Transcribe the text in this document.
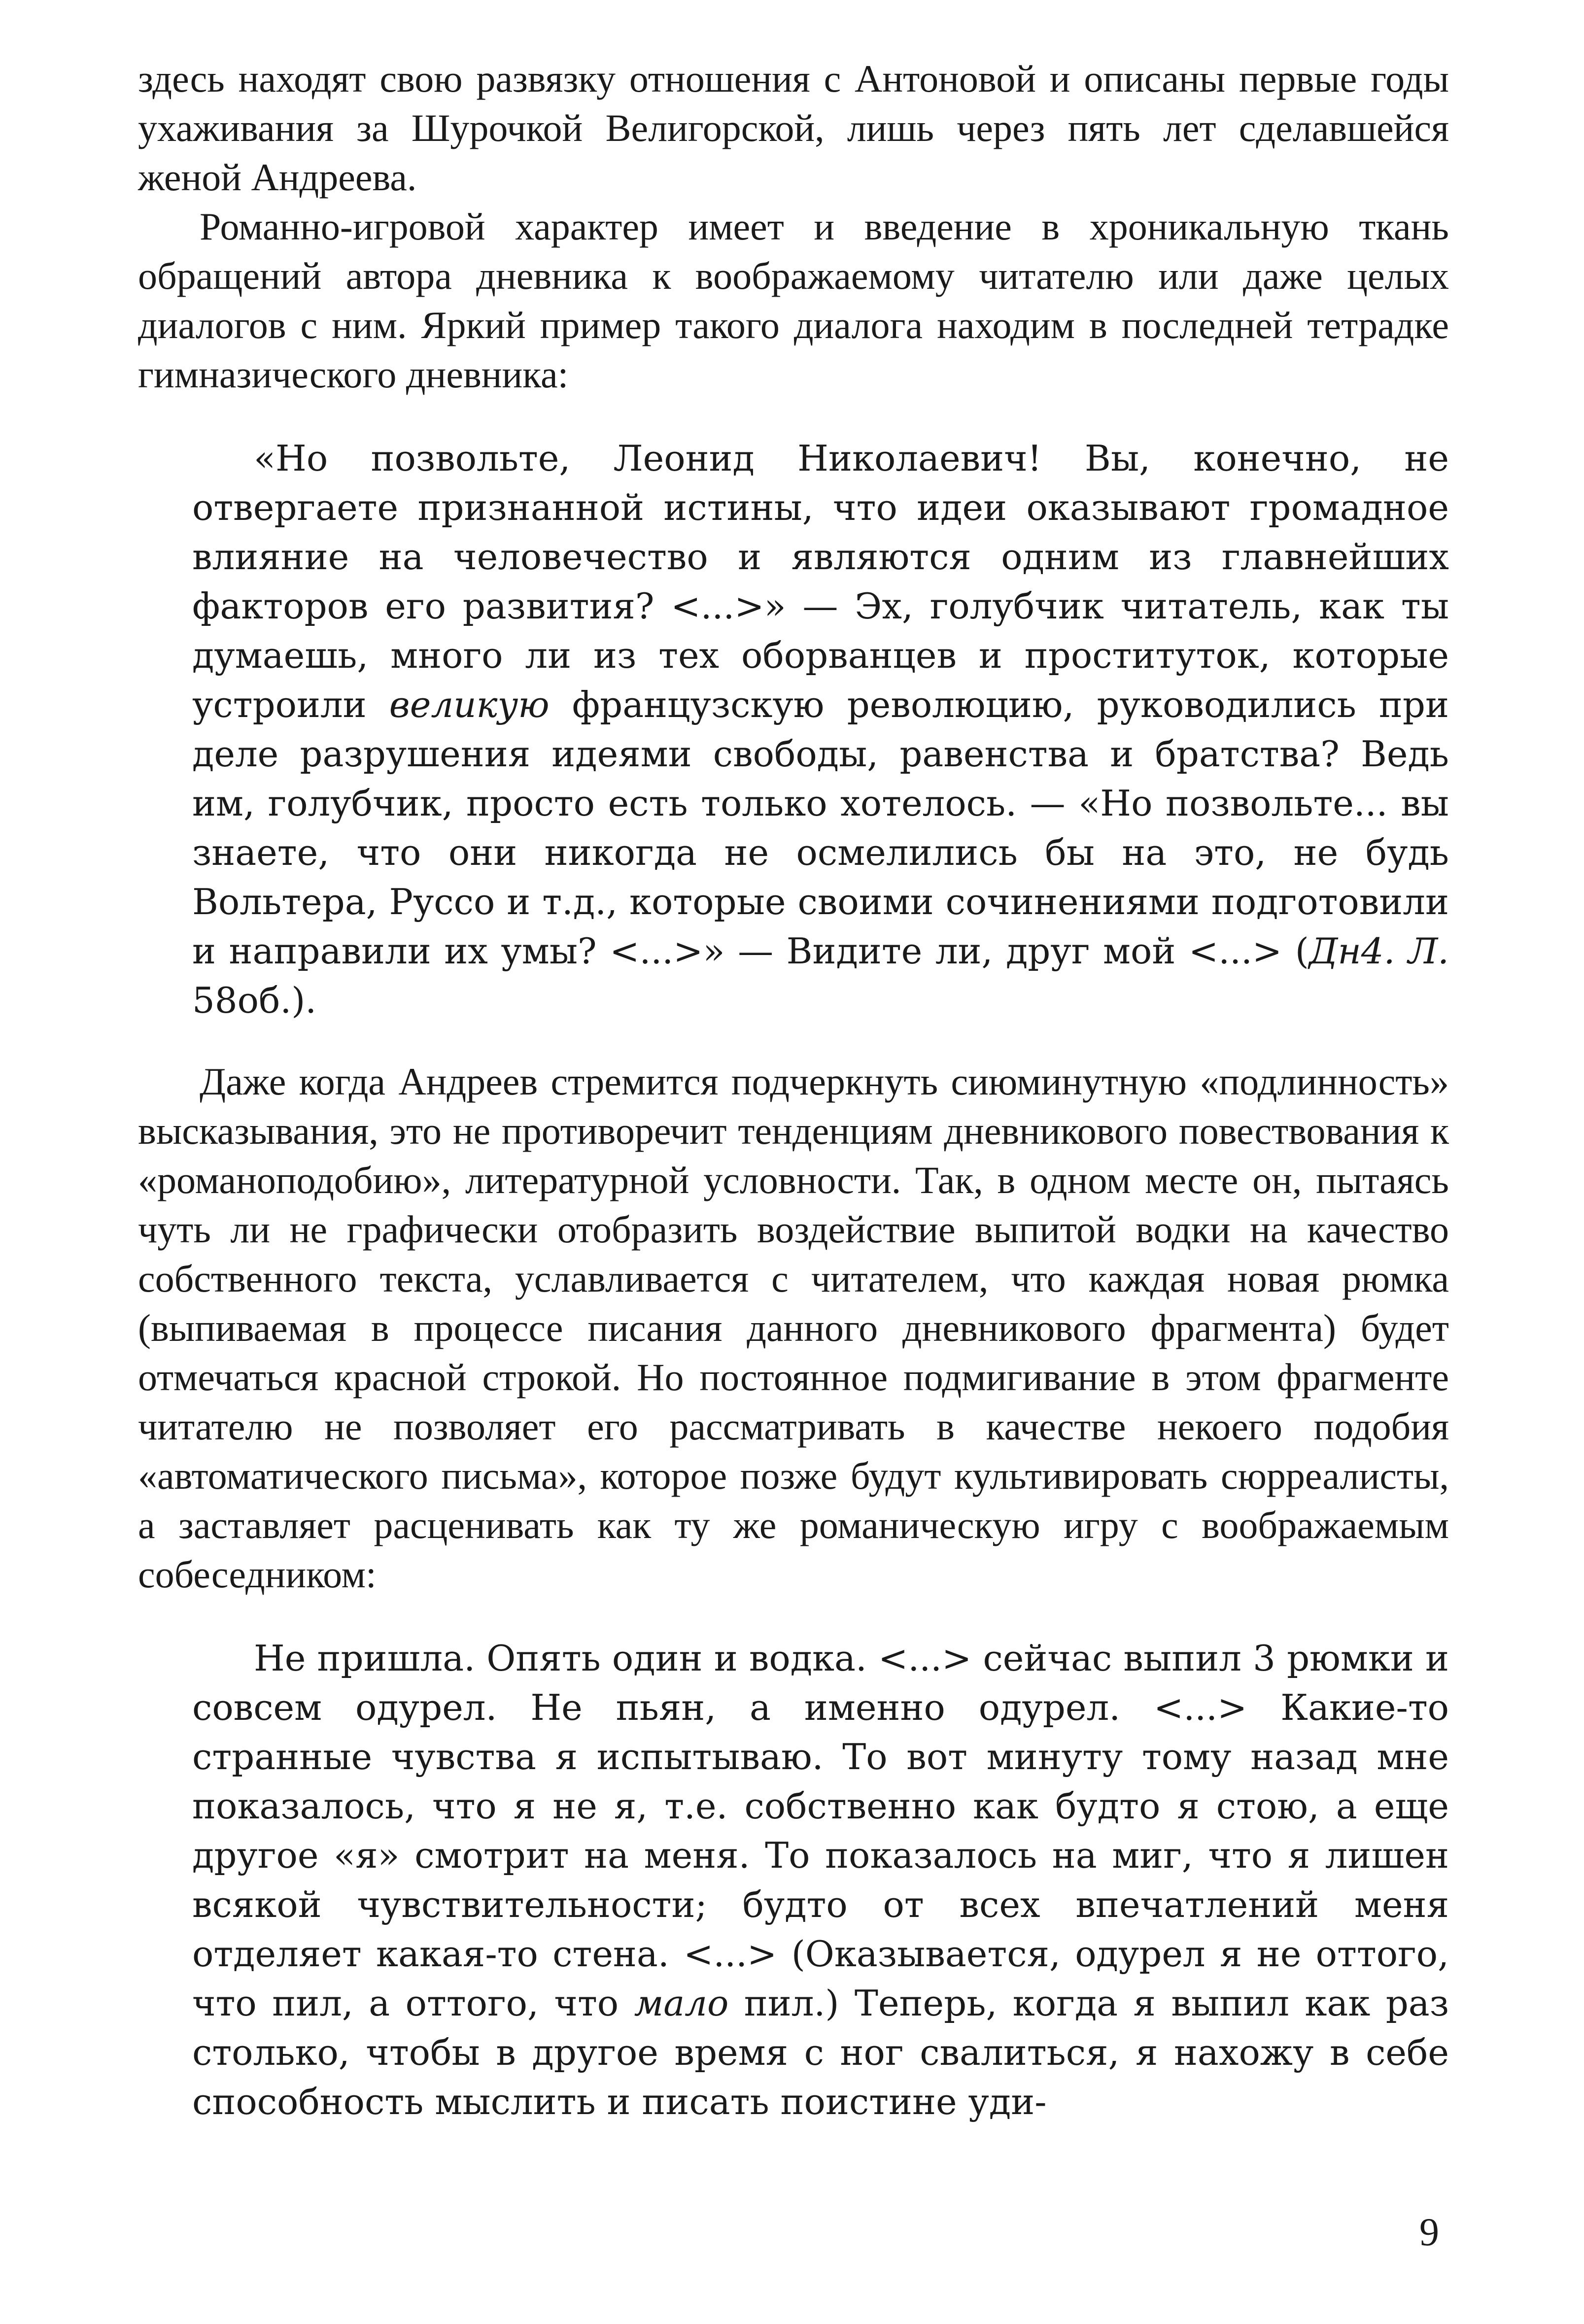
здесь находят свою развязку отношения с Антоновой и описаны первые годы ухаживания за Шурочкой Велигорской, лишь через пять лет сделавшейся женой Андреева.

Романно-игровой характер имеет и введение в хроникальную ткань обращений автора дневника к воображаемому читателю или даже целых диалогов с ним. Яркий пример такого диалога находим в последней тетрадке гимназического дневника:

«Но позвольте, Леонид Николаевич! Вы, конечно, не отвергаете признанной истины, что идеи оказывают громадное влияние на человечество и являются одним из главнейших факторов его развития? <...>» — Эх, голубчик читатель, как ты думаешь, много ли из тех оборванцев и проституток, которые устроили великую французскую революцию, руководились при деле разрушения идеями свободы, равенства и братства? Ведь им, голубчик, просто есть только хотелось. — «Но позвольте... вы знаете, что они никогда не осмелились бы на это, не будь Вольтера, Руссо и т.д., которые своими сочинениями подготовили и направили их умы? <...>» — Видите ли, друг мой <...> (Дн4. Л. 58об.).

Даже когда Андреев стремится подчеркнуть сиюминутную «подлинность» высказывания, это не противоречит тенденциям дневникового повествования к «романоподобию», литературной условности. Так, в одном месте он, пытаясь чуть ли не графически отобразить воздействие выпитой водки на качество собственного текста, уславливается с читателем, что каждая новая рюмка (выпиваемая в процессе писания данного дневникового фрагмента) будет отмечаться красной строкой. Но постоянное подмигивание в этом фрагменте читателю не позволяет его рассматривать в качестве некоего подобия «автоматического письма», которое позже будут культивировать сюрреалисты, а заставляет расценивать как ту же романическую игру с воображаемым собеседником:

Не пришла. Опять один и водка. <...> сейчас выпил 3 рюмки и совсем одурел. Не пьян, а именно одурел. <...> Какие-то странные чувства я испытываю. То вот минуту тому назад мне показалось, что я не я, т.е. собственно как будто я стою, а еще другое «я» смотрит на меня. То показалось на миг, что я лишен всякой чувствительности; будто от всех впечатлений меня отделяет какая-то стена. <...> (Оказывается, одурел я не оттого, что пил, а оттого, что мало пил.) Теперь, когда я выпил как раз столько, чтобы в другое время с ног свалиться, я нахожу в себе способность мыслить и писать поистине уди-

9
